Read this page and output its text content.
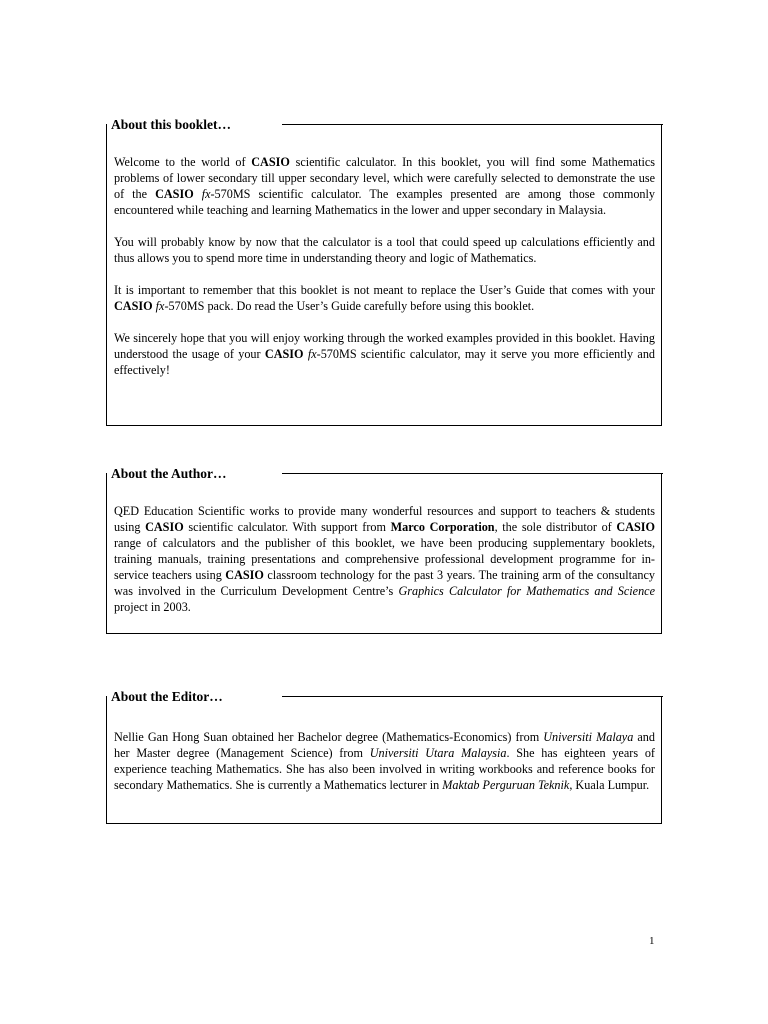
About this booklet…

Welcome to the world of CASIO scientific calculator. In this booklet, you will find some Mathematics problems of lower secondary till upper secondary level, which were carefully selected to demonstrate the use of the CASIO fx-570MS scientific calculator. The examples presented are among those commonly encountered while teaching and learning Mathematics in the lower and upper secondary in Malaysia.

You will probably know by now that the calculator is a tool that could speed up calculations efficiently and thus allows you to spend more time in understanding theory and logic of Mathematics.

It is important to remember that this booklet is not meant to replace the User’s Guide that comes with your CASIO fx-570MS pack. Do read the User’s Guide carefully before using this booklet.

We sincerely hope that you will enjoy working through the worked examples provided in this booklet. Having understood the usage of your CASIO fx-570MS scientific calculator, may it serve you more efficiently and effectively!

About the Author…

QED Education Scientific works to provide many wonderful resources and support to teachers & students using CASIO scientific calculator. With support from Marco Corporation, the sole distributor of CASIO range of calculators and the publisher of this booklet, we have been producing supplementary booklets, training manuals, training presentations and comprehensive professional development programme for in-service teachers using CASIO classroom technology for the past 3 years. The training arm of the consultancy was involved in the Curriculum Development Centre’s Graphics Calculator for Mathematics and Science project in 2003.

About the Editor…

Nellie Gan Hong Suan obtained her Bachelor degree (Mathematics-Economics) from Universiti Malaya and her Master degree (Management Science) from Universiti Utara Malaysia. She has eighteen years of experience teaching Mathematics. She has also been involved in writing workbooks and reference books for secondary Mathematics. She is currently a Mathematics lecturer in Maktab Perguruan Teknik, Kuala Lumpur.

1
